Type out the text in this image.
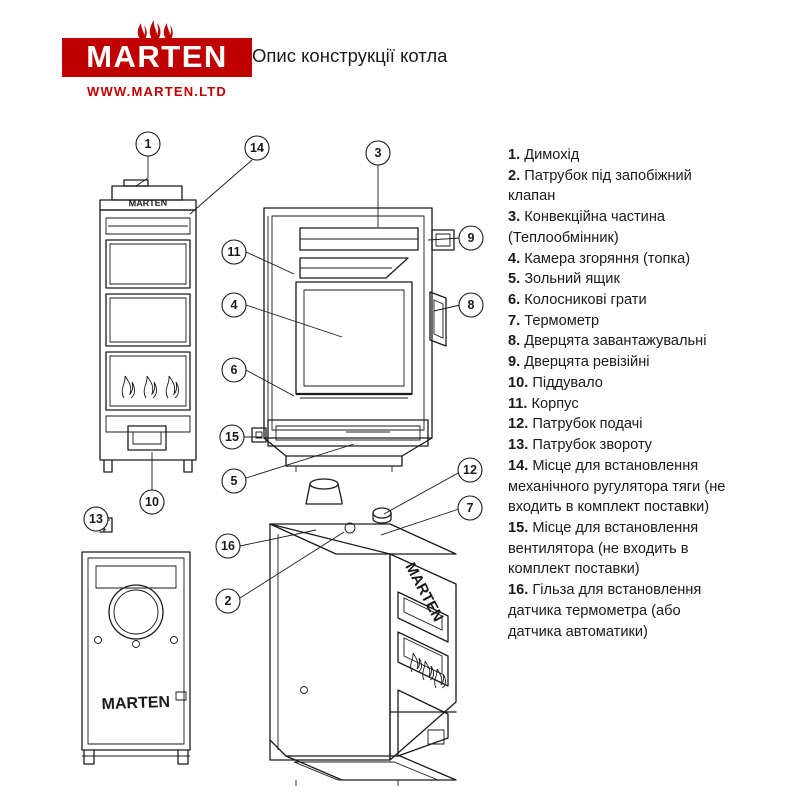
MARTEN
WWW.MARTEN.LTD
Опис конструкції котла
1. Димохід
2. Патрубок під запобіжний клапан
3. Конвекційна частина (Теплообмінник)
4. Камера згоряння (топка)
5. Зольний ящик
6. Колосникові грати
7. Термометр
8. Дверцята завантажувальні
9. Дверцята ревізійні
10. Піддувало
11. Корпус
12. Патрубок подачі
13. Патрубок зворотy
14. Місце для встановлення механічного ругулятора тяги (не входить в комплект поставки)
15. Місце для встановлення вентилятора (не входить в комплект поставки)
16. Гільза для встановлення датчика термометра (або датчика автоматики)
MARTEN
MARTEN
MARTEN
1	14	3
9
11
4	8
6
15
5
10
12
7
13
16
2
